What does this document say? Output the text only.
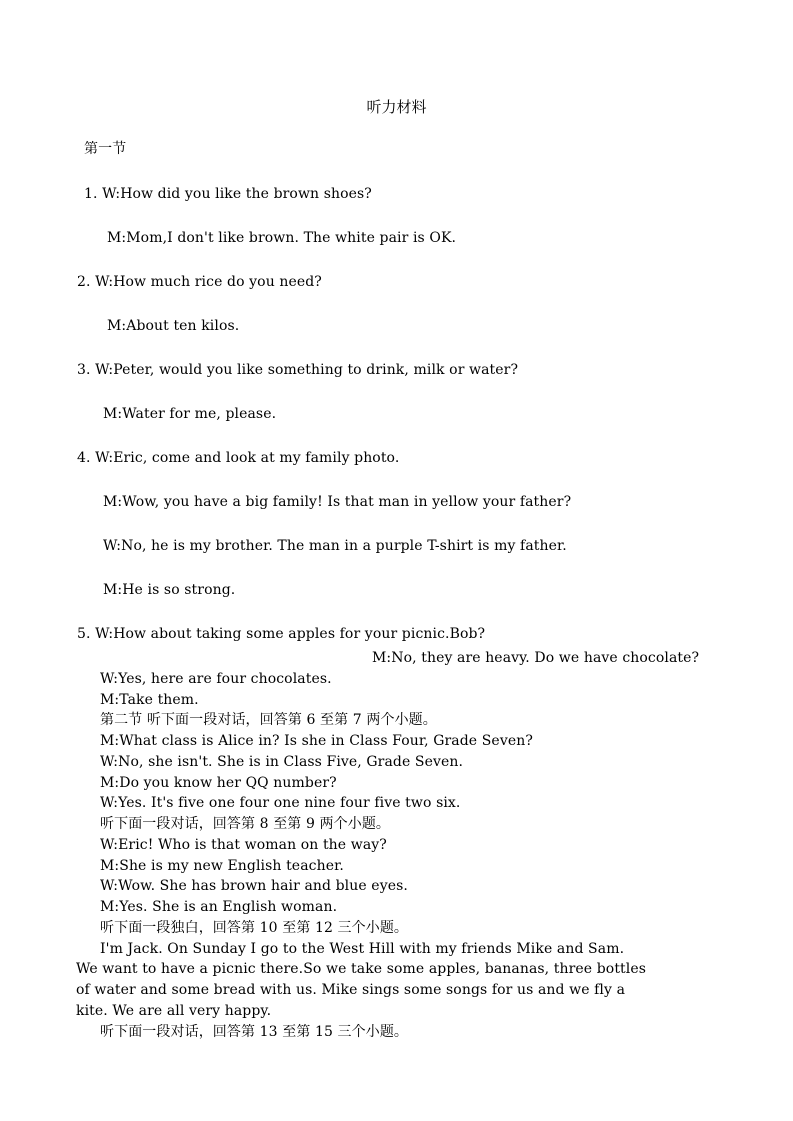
听力材料
第一节
1. W:How did you like the brown shoes?
M:Mom,I don't like brown. The white pair is OK.
2. W:How much rice do you need?
M:About ten kilos.
3. W:Peter, would you like something to drink, milk or water?
M:Water for me, please.
4. W:Eric, come and look at my family photo.
M:Wow, you have a big family! Is that man in yellow your father?
W:No, he is my brother. The man in a purple T-shirt is my father.
M:He is so strong.
5. W:How about taking some apples for your picnic.Bob?
M:No, they are heavy. Do we have chocolate?
W:Yes, here are four chocolates.
M:Take them.
第二节 听下面一段对话，回答第 6 至第 7 两个小题。
M:What class is Alice in? Is she in Class Four, Grade Seven?
W:No, she isn't. She is in Class Five, Grade Seven.
M:Do you know her QQ number?
W:Yes. It's five one four one nine four five two six.
听下面一段对话，回答第 8 至第 9 两个小题。
W:Eric! Who is that woman on the way?
M:She is my new English teacher.
W:Wow. She has brown hair and blue eyes.
M:Yes. She is an English woman.
听下面一段独白，回答第 10 至第 12 三个小题。
I'm Jack. On Sunday I go to the West Hill with my friends Mike and Sam.
We want to have a picnic there.So we take some apples, bananas, three bottles
of water and some bread with us. Mike sings some songs for us and we fly a
kite. We are all very happy.
听下面一段对话，回答第 13 至第 15 三个小题。
